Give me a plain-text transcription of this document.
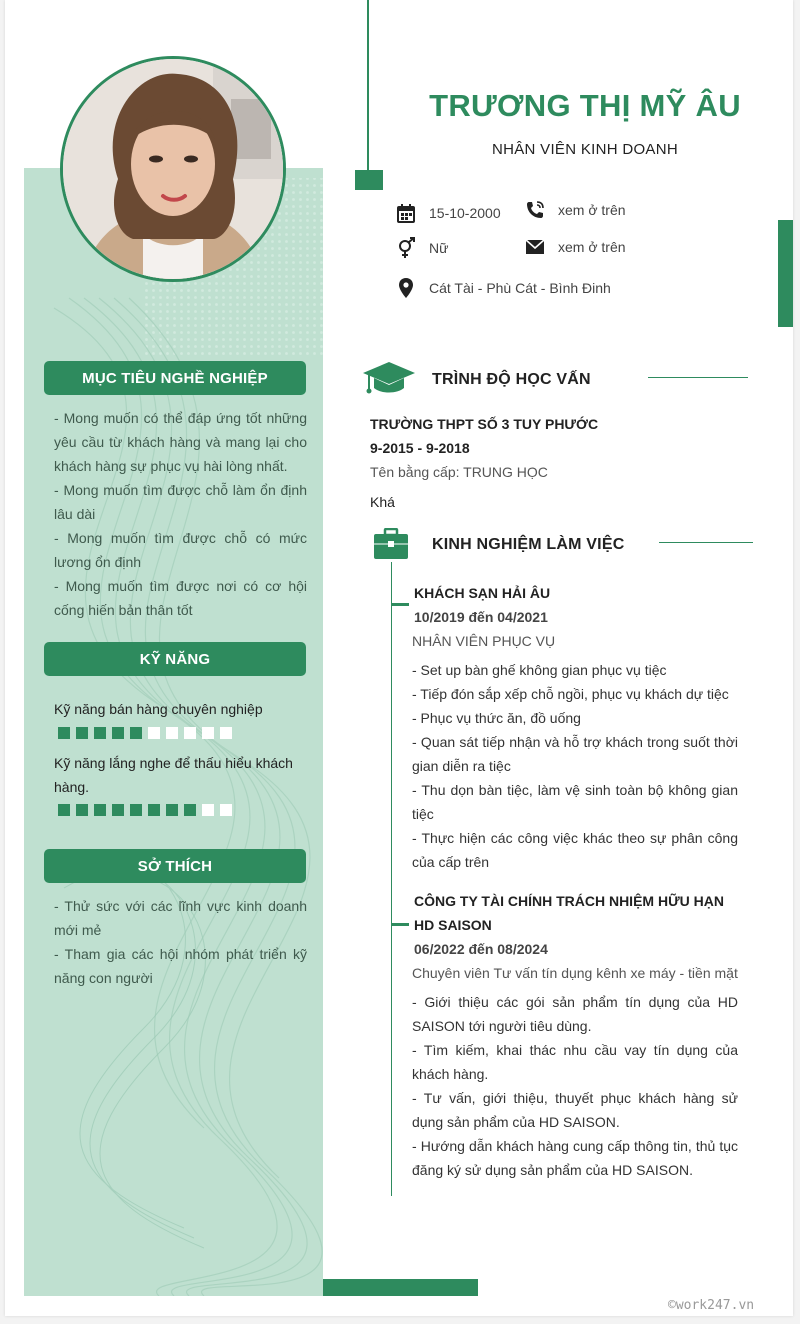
MỤC TIÊU NGHỀ NGHIỆP

- Mong muốn có thể đáp ứng tốt những yêu cầu từ khách hàng và mang lại cho khách hàng sự phục vụ hài lòng nhất.

- Mong muốn tìm được chỗ làm ổn định lâu dài

- Mong muốn tìm được chỗ có mức lương ổn định

- Mong muốn tìm được nơi có cơ hội cống hiến bản thân tốt

KỸ NĂNG
Kỹ năng bán hàng chuyên nghiệp
Kỹ năng lắng nghe để thấu hiểu khách hàng.
SỞ THÍCH

- Thử sức với các lĩnh vực kinh doanh mới mẻ

- Tham gia các hội nhóm phát triển kỹ năng con người

TRƯƠNG THỊ MỸ ÂU
NHÂN VIÊN KINH DOANH
15-10-2000	xem ở trên
Nữ	xem ở trên
Cát Tài - Phù Cát - Bình Đinh
TRÌNH ĐỘ HỌC VẤN
TRƯỜNG THPT SỐ 3 TUY PHƯỚC
9-2015 - 9-2018
Tên bằng cấp: TRUNG HỌC
Khá
KINH NGHIỆM LÀM VIỆC
KHÁCH SẠN HẢI ÂU
10/2019 đến 04/2021
NHÂN VIÊN PHỤC VỤ

- Set up bàn ghế không gian phục vụ tiệc

- Tiếp đón sắp xếp chỗ ngồi, phục vụ khách dự tiệc

- Phục vụ thức ăn, đồ uống

- Quan sát tiếp nhận và hỗ trợ khách trong suốt thời gian diễn ra tiệc

- Thu dọn bàn tiệc, làm vệ sinh toàn bộ không gian tiệc

- Thực hiện các công việc khác theo sự phân công của cấp trên

CÔNG TY TÀI CHÍNH TRÁCH NHIỆM HỮU HẠN HD SAISON
06/2022 đến 08/2024
Chuyên viên Tư vấn tín dụng kênh xe máy - tiền mặt

- Giới thiệu các gói sản phẩm tín dụng của HD SAISON tới người tiêu dùng.

- Tìm kiếm, khai thác nhu cầu vay tín dụng của khách hàng.

- Tư vấn, giới thiệu, thuyết phục khách hàng sử dụng sản phẩm của HD SAISON.

- Hướng dẫn khách hàng cung cấp thông tin, thủ tục đăng ký sử dụng sản phẩm của HD SAISON.

©work247.vn
